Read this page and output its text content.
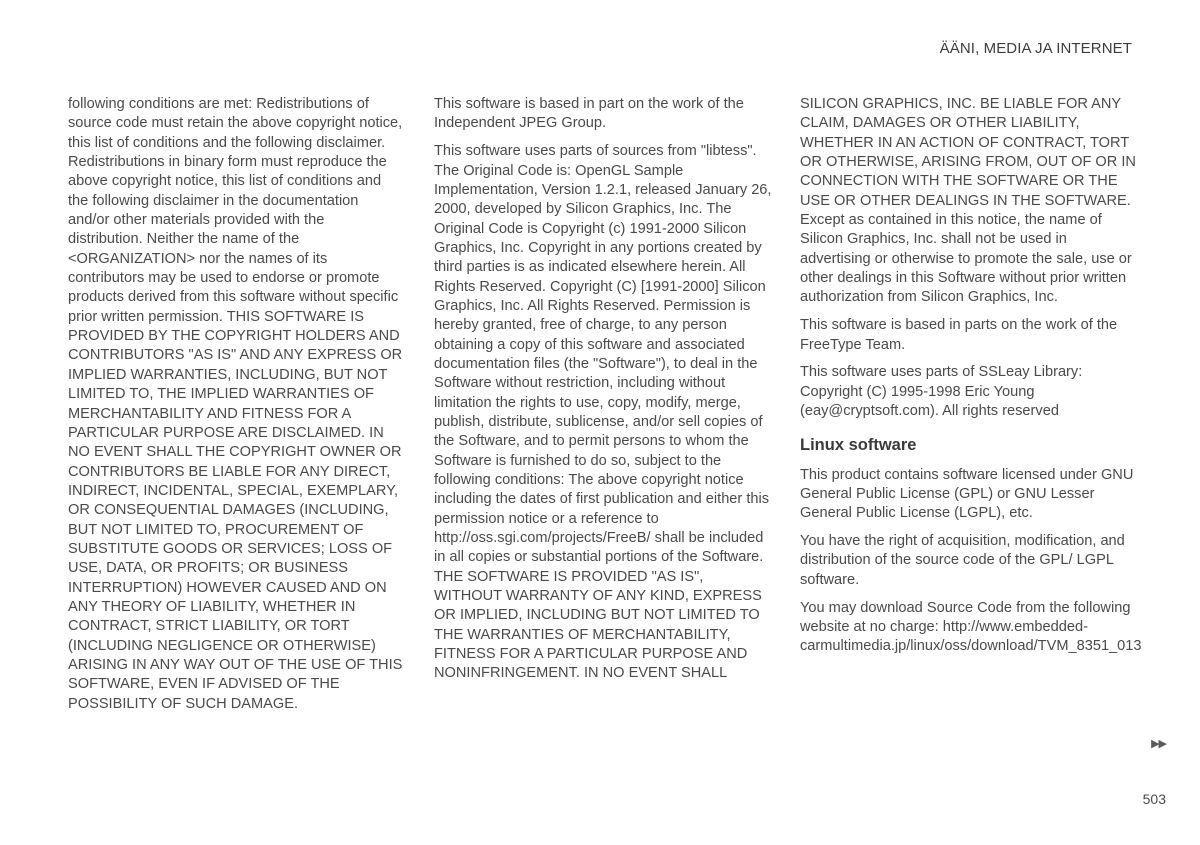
ÄÄNI, MEDIA JA INTERNET

following conditions are met: Redistributions of source code must retain the above copyright notice, this list of conditions and the following disclaimer. Redistributions in binary form must reproduce the above copyright notice, this list of conditions and the following disclaimer in the documentation and/or other materials provided with the distribution. Neither the name of the <ORGANIZATION> nor the names of its contributors may be used to endorse or promote products derived from this software without specific prior written permission. THIS SOFTWARE IS PROVIDED BY THE COPYRIGHT HOLDERS AND CONTRIBUTORS "AS IS" AND ANY EXPRESS OR IMPLIED WARRANTIES, INCLUDING, BUT NOT LIMITED TO, THE IMPLIED WARRANTIES OF MERCHANTABILITY AND FITNESS FOR A PARTICULAR PURPOSE ARE DISCLAIMED. IN NO EVENT SHALL THE COPYRIGHT OWNER OR CONTRIBUTORS BE LIABLE FOR ANY DIRECT, INDIRECT, INCIDENTAL, SPECIAL, EXEMPLARY, OR CONSEQUENTIAL DAMAGES (INCLUDING, BUT NOT LIMITED TO, PROCUREMENT OF SUBSTITUTE GOODS OR SERVICES; LOSS OF USE, DATA, OR PROFITS; OR BUSINESS INTERRUPTION) HOWEVER CAUSED AND ON ANY THEORY OF LIABILITY, WHETHER IN CONTRACT, STRICT LIABILITY, OR TORT (INCLUDING NEGLIGENCE OR OTHERWISE) ARISING IN ANY WAY OUT OF THE USE OF THIS SOFTWARE, EVEN IF ADVISED OF THE POSSIBILITY OF SUCH DAMAGE.

This software is based in part on the work of the Independent JPEG Group.

This software uses parts of sources from "libtess". The Original Code is: OpenGL Sample Implementation, Version 1.2.1, released January 26, 2000, developed by Silicon Graphics, Inc. The Original Code is Copyright (c) 1991-2000 Silicon Graphics, Inc. Copyright in any portions created by third parties is as indicated elsewhere herein. All Rights Reserved. Copyright (C) [1991-2000] Silicon Graphics, Inc. All Rights Reserved. Permission is hereby granted, free of charge, to any person obtaining a copy of this software and associated documentation files (the "Software"), to deal in the Software without restriction, including without limitation the rights to use, copy, modify, merge, publish, distribute, sublicense, and/or sell copies of the Software, and to permit persons to whom the Software is furnished to do so, subject to the following conditions: The above copyright notice including the dates of first publication and either this permission notice or a reference to http://oss.sgi.com/projects/FreeB/ shall be included in all copies or substantial portions of the Software. THE SOFTWARE IS PROVIDED "AS IS", WITHOUT WARRANTY OF ANY KIND, EXPRESS OR IMPLIED, INCLUDING BUT NOT LIMITED TO THE WARRANTIES OF MERCHANTABILITY, FITNESS FOR A PARTICULAR PURPOSE AND NONINFRINGEMENT. IN NO EVENT SHALL

SILICON GRAPHICS, INC. BE LIABLE FOR ANY CLAIM, DAMAGES OR OTHER LIABILITY, WHETHER IN AN ACTION OF CONTRACT, TORT OR OTHERWISE, ARISING FROM, OUT OF OR IN CONNECTION WITH THE SOFTWARE OR THE USE OR OTHER DEALINGS IN THE SOFTWARE. Except as contained in this notice, the name of Silicon Graphics, Inc. shall not be used in advertising or otherwise to promote the sale, use or other dealings in this Software without prior written authorization from Silicon Graphics, Inc.

This software is based in parts on the work of the FreeType Team.

This software uses parts of SSLeay Library: Copyright (C) 1995-1998 Eric Young (eay@cryptsoft.com). All rights reserved

Linux software

This product contains software licensed under GNU General Public License (GPL) or GNU Lesser General Public License (LGPL), etc.

You have the right of acquisition, modification, and distribution of the source code of the GPL/ LGPL software.

You may download Source Code from the following website at no charge: http://www.embedded-carmultimedia.jp/linux/oss/download/TVM_8351_013

▶▶
503
